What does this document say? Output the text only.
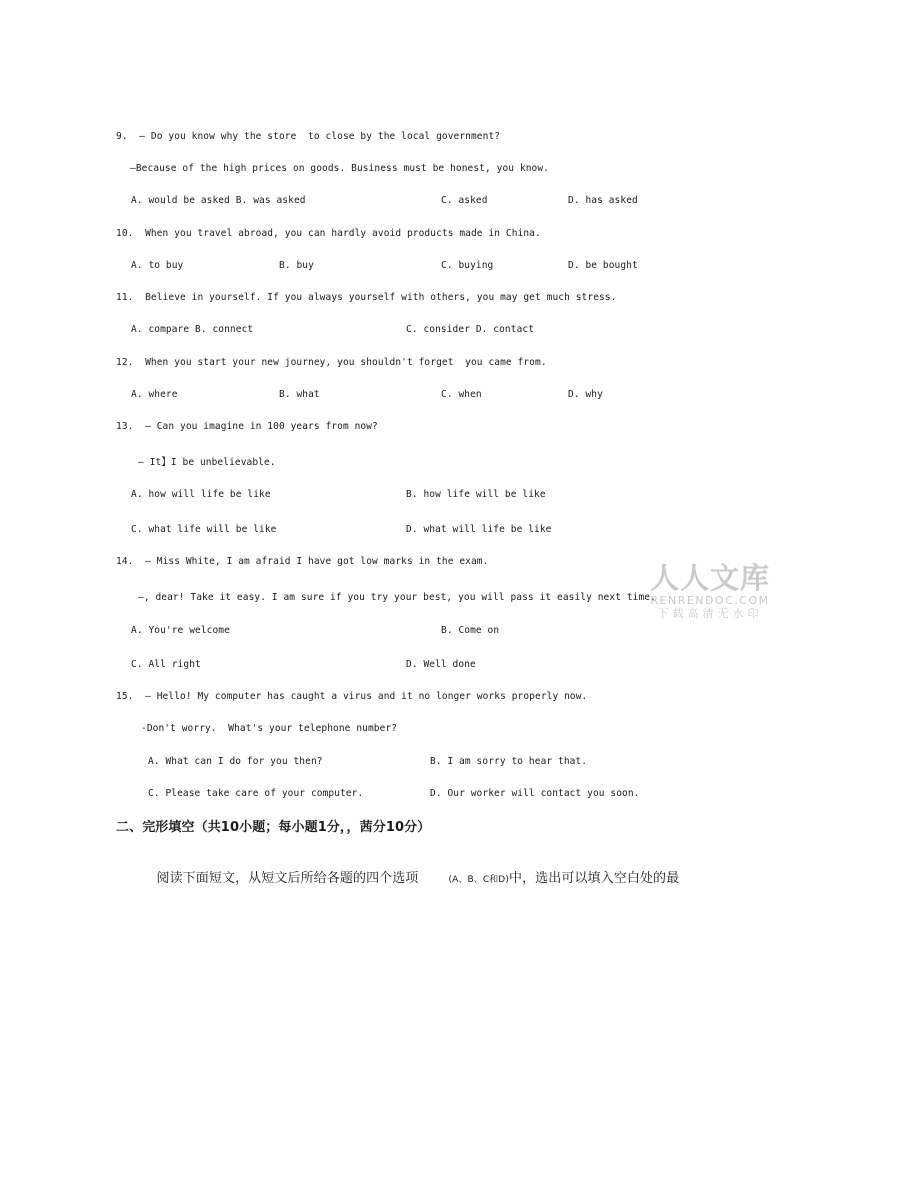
9.  — Do you know why the store  to close by the local government?
—Because of the high prices on goods. Business must be honest, you know.
A. would be asked B. was asked	C. asked	D. has asked
10.  When you travel abroad, you can hardly avoid products made in China.
A. to buy	B. buy	C. buying	D. be bought
11.  Believe in yourself. If you always yourself with others, you may get much stress.
A. compare B. connect	C. consider D. contact
12.  When you start your new journey, you shouldn't forget  you came from.
A. where	B. what	C. when	D. why
13.  — Can you imagine in 100 years from now?
— It】I be unbelievable.
A. how will life be like	B. how life will be like
C. what life will be like	D. what will life be like
14.  — Miss White, I am afraid I have got low marks in the exam.
—, dear! Take it easy. I am sure if you try your best, you will pass it easily next time.
A. You're welcome	B. Come on
C. All right	D. Well done
15.  — Hello! My computer has caught a virus and it no longer works properly now.
-Don't worry.  What's your telephone number?
A. What can I do for you then?	B. I am sorry to hear that.
C. Please take care of your computer.	D. Our worker will contact you soon.
二、完形填空（共10小题；每小题1分，，茜分10分）

阅读下面短文，从短文后所给各题的四个选项	(A、B、C和D)中，选出可以填入空白处的最

人人文库
RENRENDOC.COM
下载高清无水印
